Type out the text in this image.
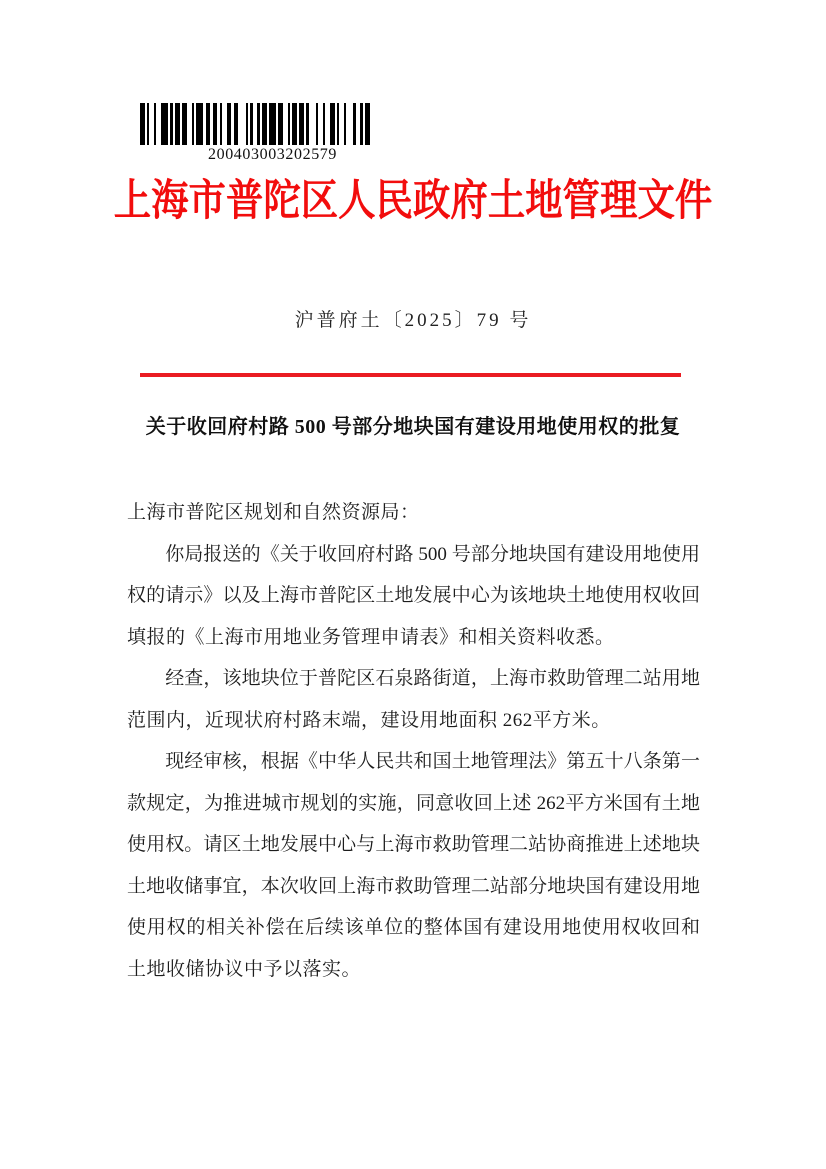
200403003202579
上海市普陀区人民政府土地管理文件
沪普府土〔2025〕79 号
关于收回府村路 500 号部分地块国有建设用地使用权的批复
上海市普陀区规划和自然资源局：
　　你局报送的《关于收回府村路 500 号部分地块国有建设用地使用
权的请示》以及上海市普陀区土地发展中心为该地块土地使用权收回
填报的《上海市用地业务管理申请表》和相关资料收悉。
　　经查，该地块位于普陀区石泉路街道，上海市救助管理二站用地
范围内，近现状府村路末端，建设用地面积 262平方米。
　　现经审核，根据《中华人民共和国土地管理法》第五十八条第一
款规定，为推进城市规划的实施，同意收回上述 262平方米国有土地
使用权。请区土地发展中心与上海市救助管理二站协商推进上述地块
土地收储事宜，本次收回上海市救助管理二站部分地块国有建设用地
使用权的相关补偿在后续该单位的整体国有建设用地使用权收回和
土地收储协议中予以落实。
